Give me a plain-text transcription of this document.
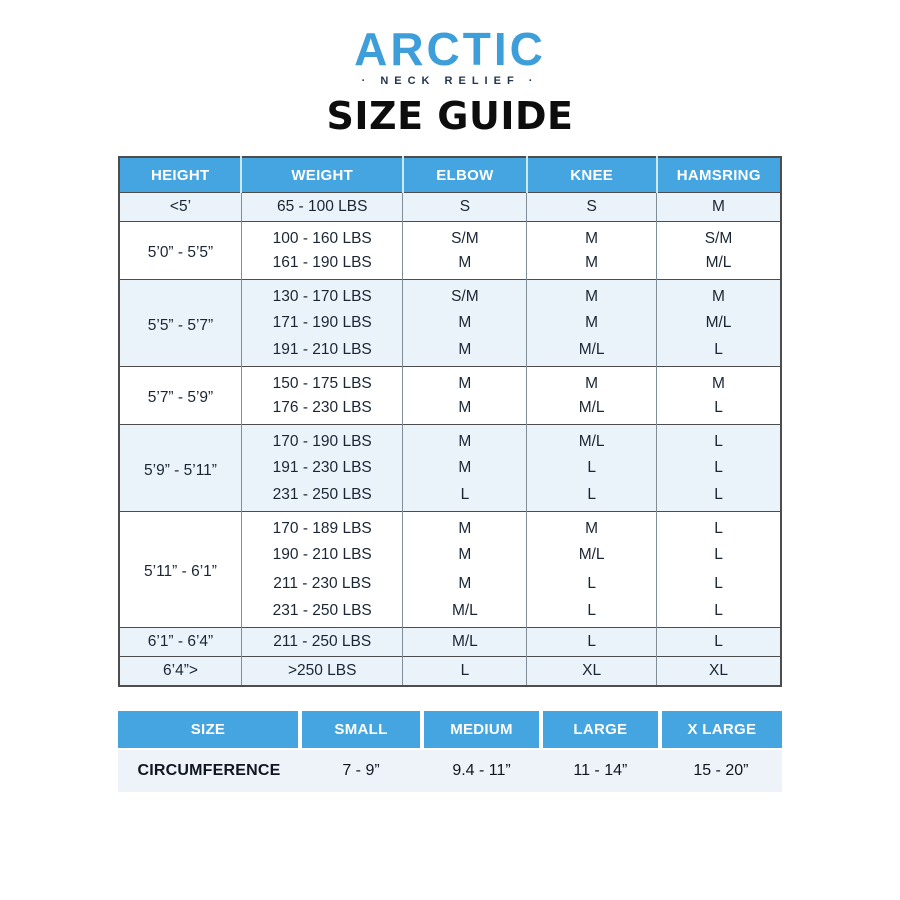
ARCTIC
· NECK RELIEF ·
SIZE GUIDE
HEIGHT	WEIGHT	ELBOW	KNEE	HAMSRING
<5’	65 - 100 LBS	S	S	M
5’0” - 5’5”	100 - 160 LBS	S/M	M	S/M
	161 - 190 LBS	M	M	M/L
5’5” - 5’7”	130 - 170 LBS	S/M	M	M
	171 - 190 LBS	M	M	M/L
	191 - 210 LBS	M	M/L	L
5’7” - 5’9”	150 - 175 LBS	M	M	M
	176 - 230 LBS	M	M/L	L
5’9” - 5’11”	170 - 190 LBS	M	M/L	L
	191 - 230 LBS	M	L	L
	231 - 250 LBS	L	L	L
5’11” - 6’1”	170 - 189 LBS	M	M	L
	190 - 210 LBS	M	M/L	L
	211 - 230 LBS	M	L	L
	231 - 250 LBS	M/L	L	L
6’1” - 6’4”	211 - 250 LBS	M/L	L	L
6’4”>	>250 LBS	L	XL	XL
SIZE	SMALL	MEDIUM	LARGE	X LARGE
CIRCUMFERENCE	7 - 9”	9.4 - 11”	11 - 14”	15 - 20”
